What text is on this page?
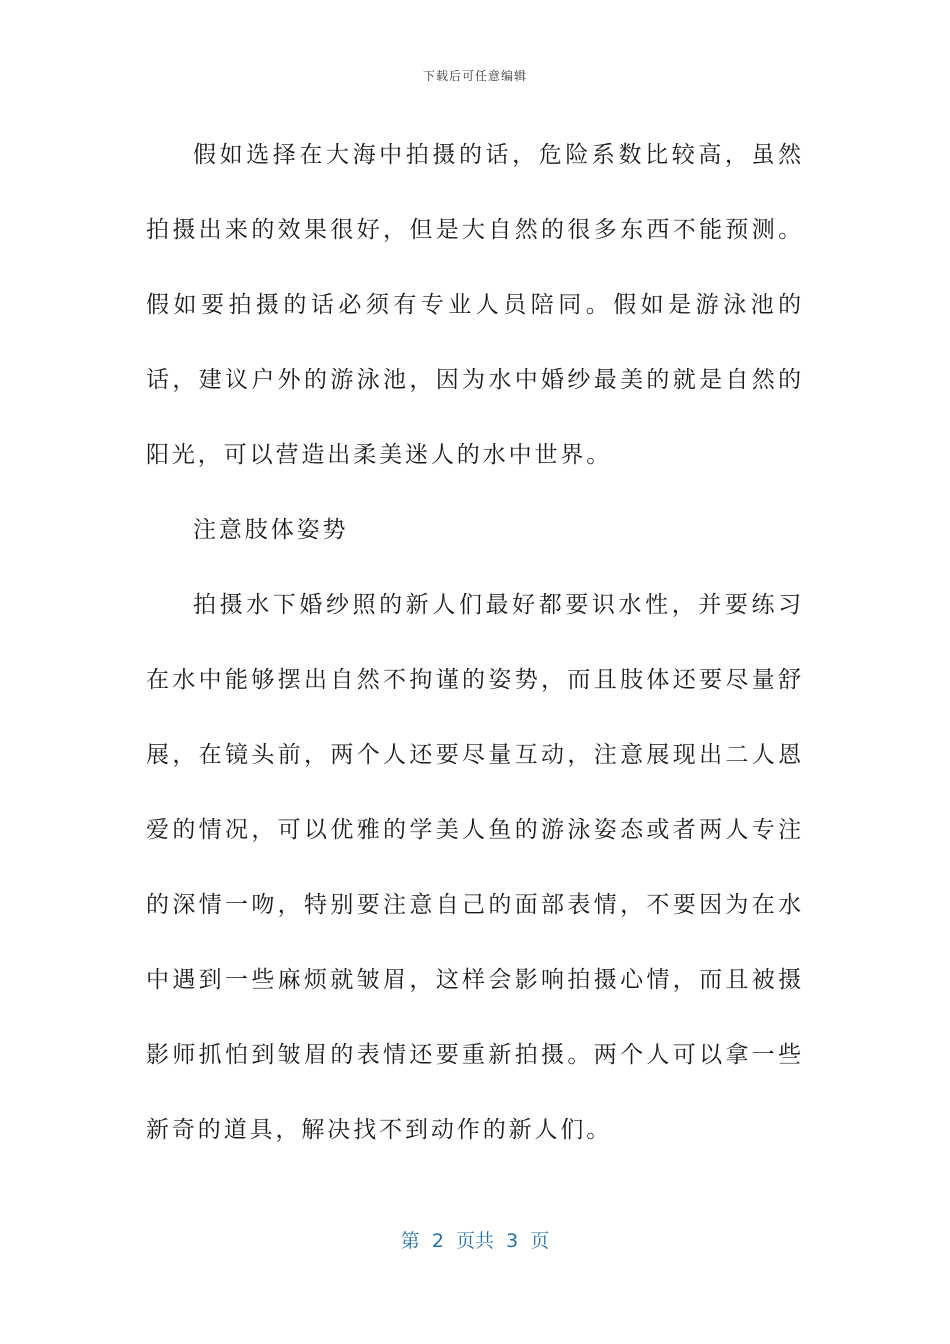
下载后可任意编辑

假如选择在大海中拍摄的话，危险系数比较高，虽然拍摄出来的效果很好，但是大自然的很多东西不能预测。假如要拍摄的话必须有专业人员陪同。假如是游泳池的话，建议户外的游泳池，因为水中婚纱最美的就是自然的阳光，可以营造出柔美迷人的水中世界。

注意肢体姿势

拍摄水下婚纱照的新人们最好都要识水性，并要练习在水中能够摆出自然不拘谨的姿势，而且肢体还要尽量舒展，在镜头前，两个人还要尽量互动，注意展现出二人恩爱的情况，可以优雅的学美人鱼的游泳姿态或者两人专注的深情一吻，特别要注意自己的面部表情，不要因为在水中遇到一些麻烦就皱眉，这样会影响拍摄心情，而且被摄影师抓怕到皱眉的表情还要重新拍摄。两个人可以拿一些新奇的道具，解决找不到动作的新人们。

第  2  页共  3  页
